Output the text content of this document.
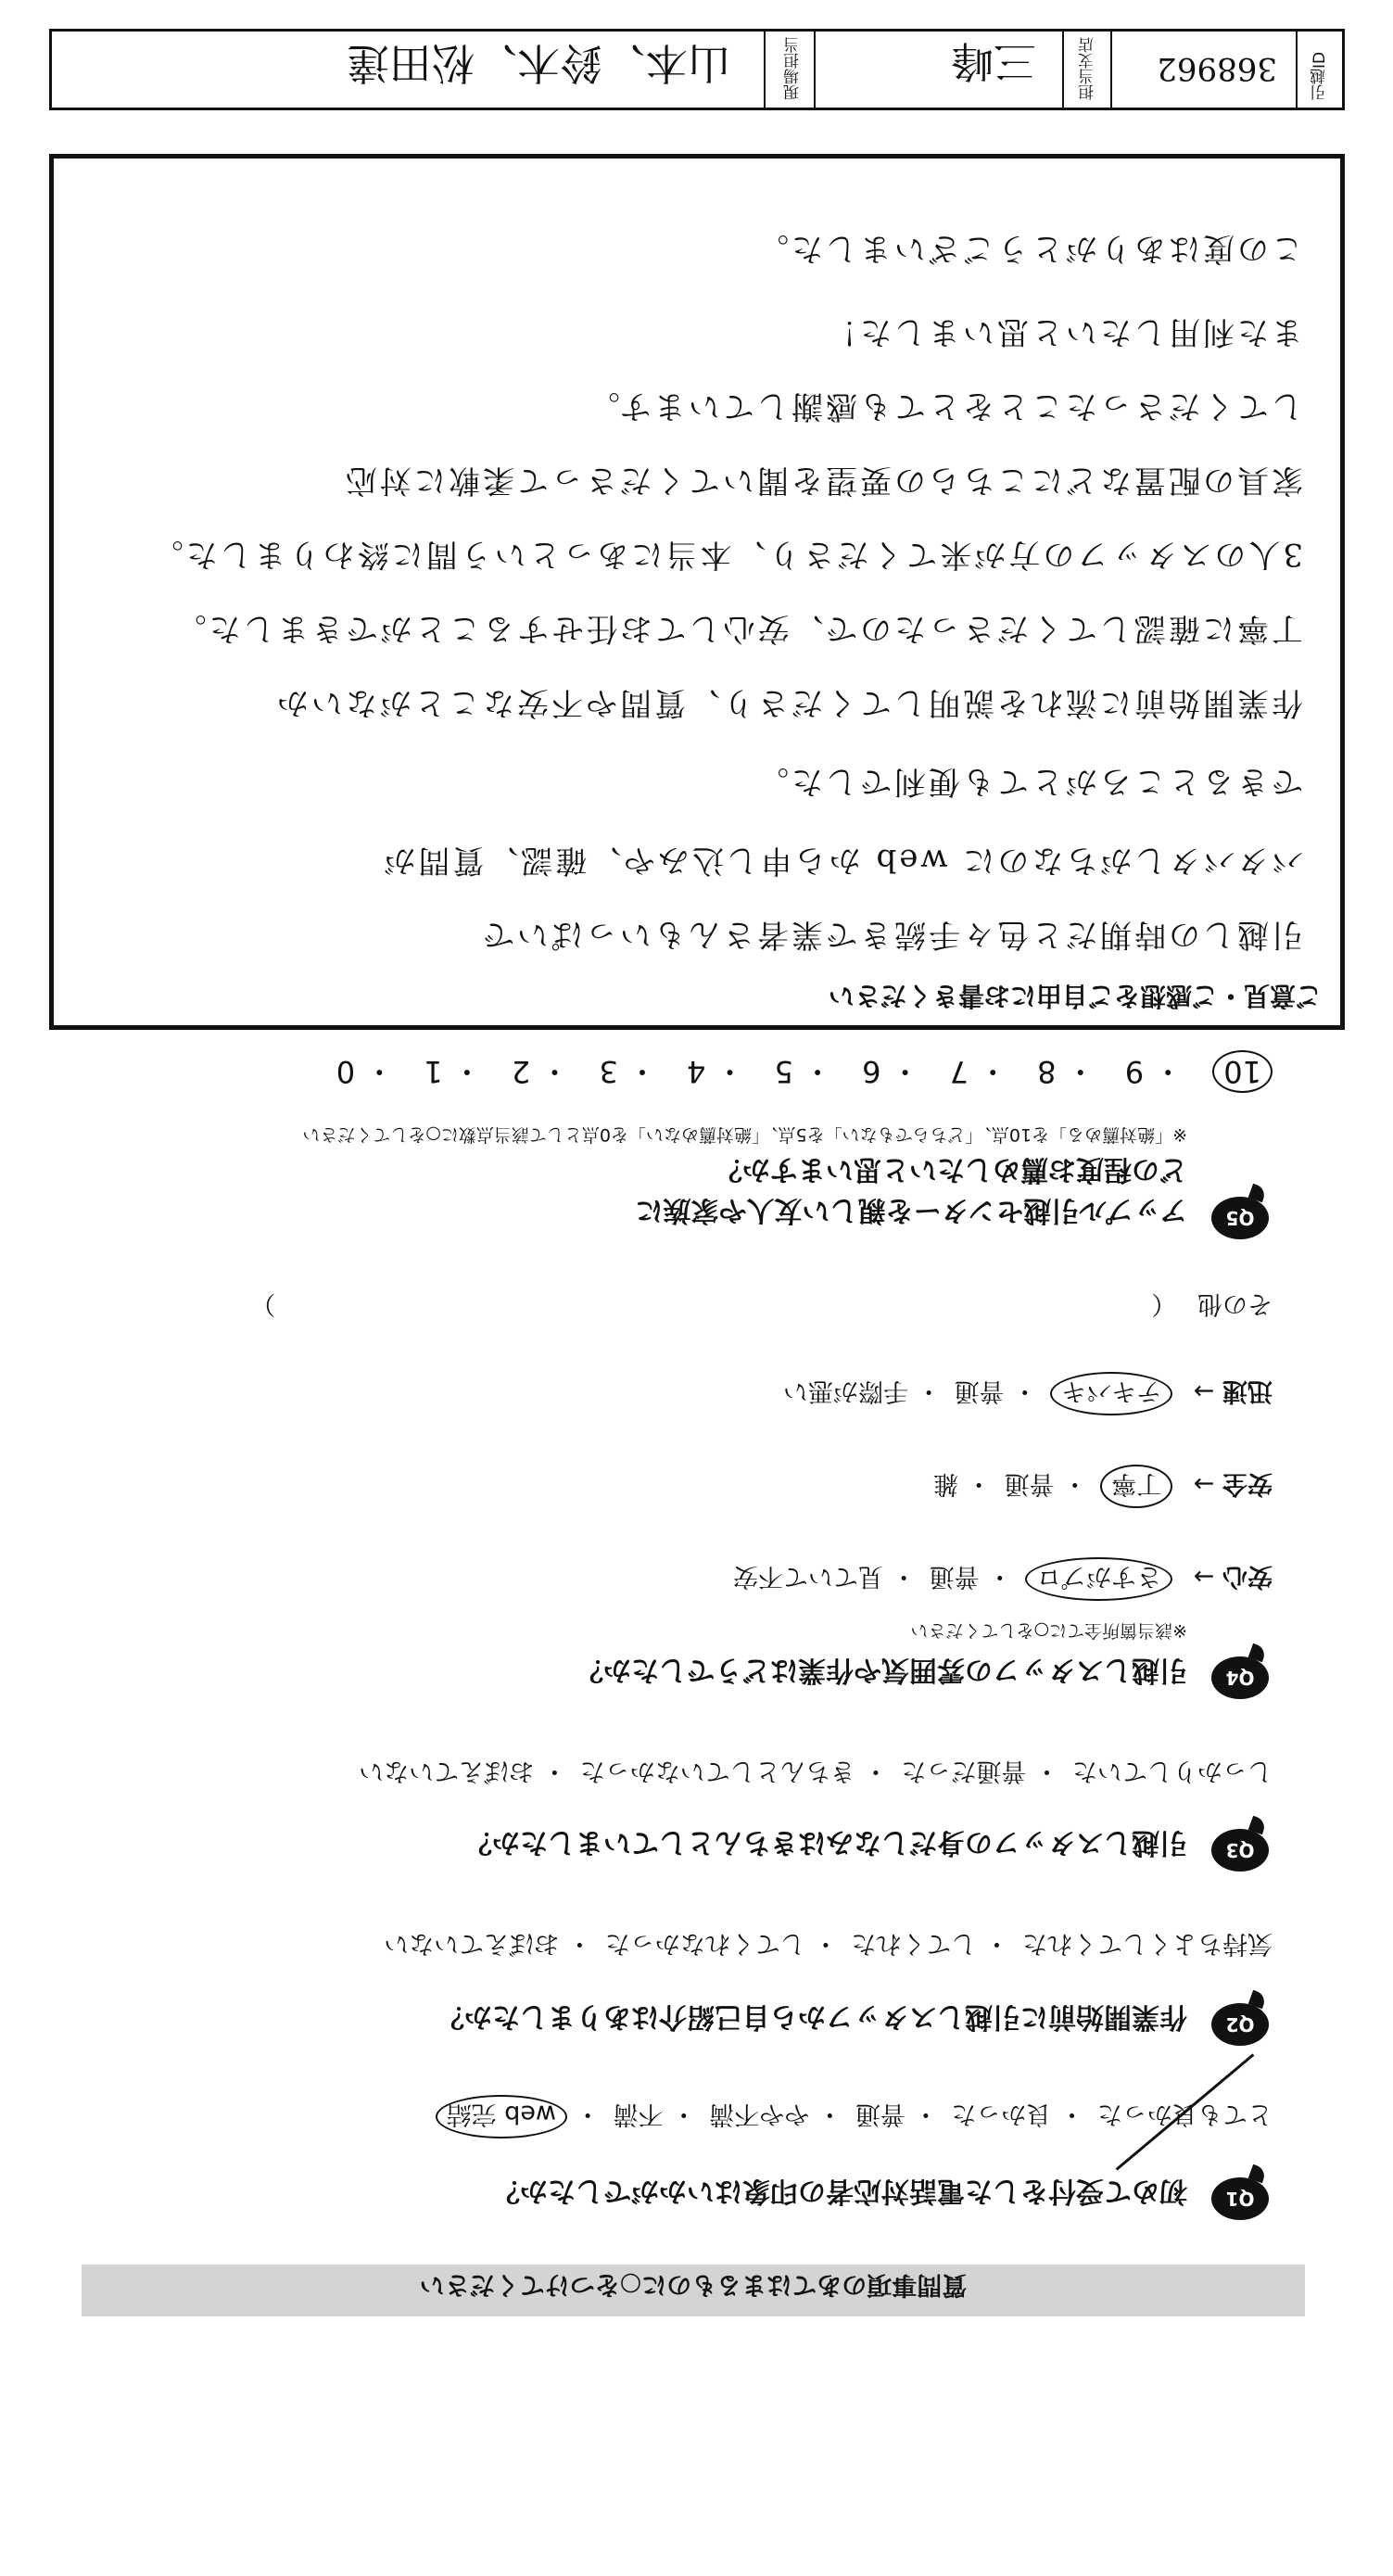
質問事項のあてはまるものに○をつけてください
Q1
初めて受付をした電話対応者の印象はいかがでしたか？
とても良かった・ 良かった・ 普通・ やや不満・ 不満・ web 完結
Q2
作業開始前に引越しスタッフから自己紹介はありましたか？
気持ちよくしてくれた・ してくれた・ してくれなかった・ おぼえていない
Q3
引越しスタッフの身だしなみはきちんとしていましたか？
しっかりしていた・ 普通だった・ きちんとしていなかった・ おぼえていない
Q4
引越しスタッフの雰囲気や作業はどうでしたか？
※該当箇所全てに○をしてください
安心 → さすがプロ・ 普通・ 見ていて不安
安全 → 丁寧・ 普通・ 雑
迅速 → テキパキ・ 普通・ 手際が悪い
その他 （  ）
Q5
アップル引越センターを親しい友人や家族に
どの程度お薦めしたいと思いますか？
※「絶対薦める」を10点、「どちらでもない」を5点、「絶対薦めない」を0点として該当点数に○をしてください
10・ 9・ 8・ 7・ 6・ 5・ 4・ 3・ 2・ 1・ 0
ご意見・ご感想をご自由にお書きください
引越しの時期だと色々手続きで業者さんもいっぱいで
バタバタしがちなのに web から申し込みや、確認、質問が
できるところがとても便利でした。
作業開始前に流れを説明してくださり、質問や不安なことがないか
丁寧に確認してくださったので、安心してお任せすることができました。
3人のスタッフの方が来てくださり、本当にあっという間に終わりました。
家具の配置などにこちらの要望を聞いてくださって柔軟に対応
してくださったことをとても感謝しています。
また利用したいと思いました！
この度はありがとうございました。
引越ID
368962
担当支店
三峰
現場担当
山本、鈴木、松田達
